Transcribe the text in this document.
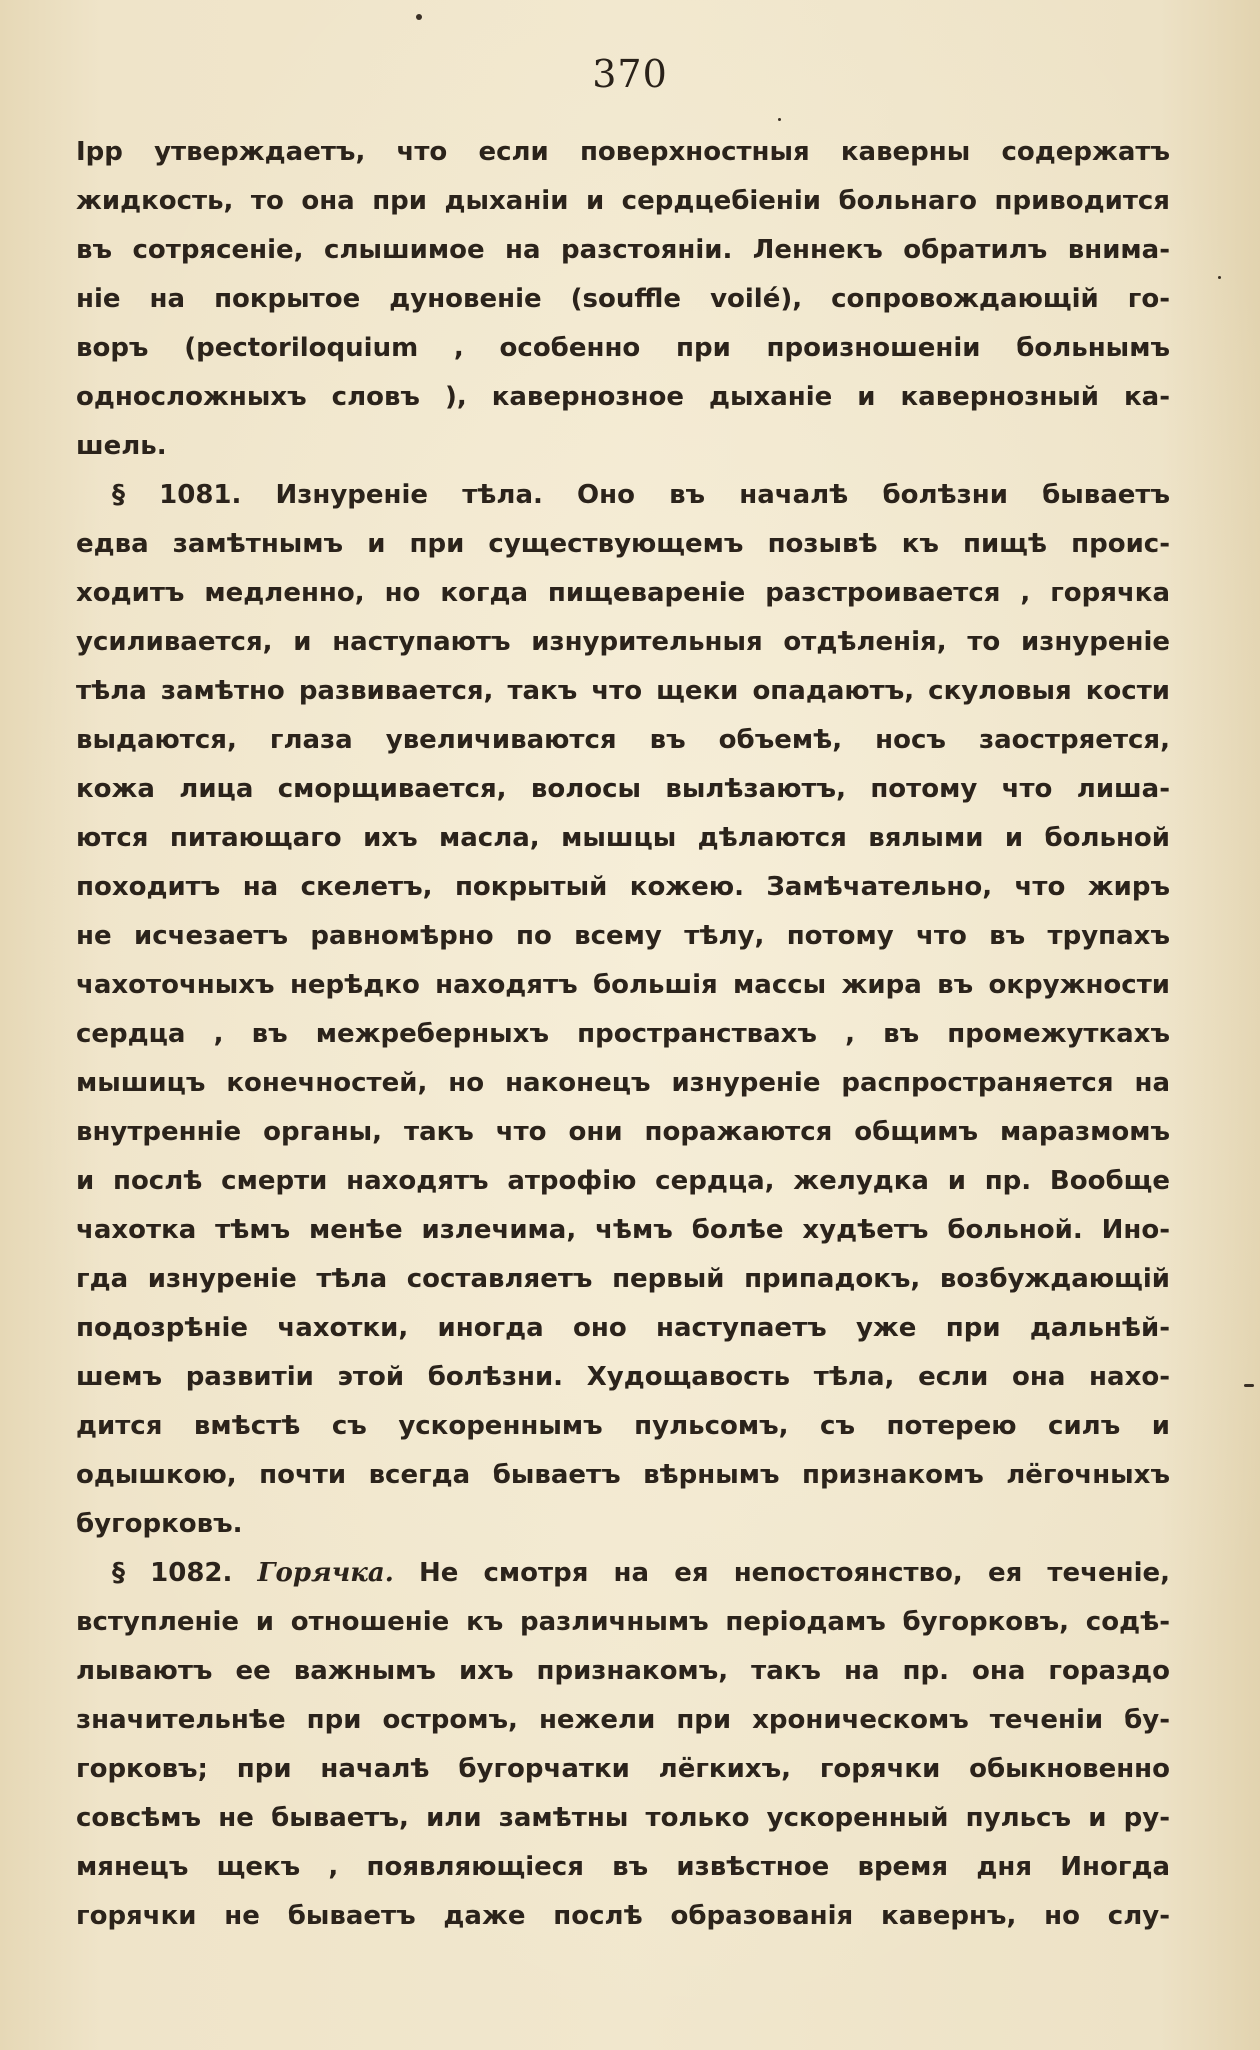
370
Ірр утверждаетъ, что если поверхностныя каверны содержатъ
жидкость, то она при дыханіи и сердцебіеніи больнаго приводится
въ сотрясеніе, слышимое на разстояніи. Леннекъ обратилъ внима-
ніе на покрытое дуновеніе (souffle voilé), сопровождающій го-
воръ (pectoriloquium , особенно при произношеніи больнымъ
односложныхъ словъ ), кавернозное дыханіе и кавернозный ка-
шель.
§ 1081. Изнуреніе тѣла. Оно въ началѣ болѣзни бываетъ
едва замѣтнымъ и при существующемъ позывѣ къ пищѣ проис-
ходитъ медленно, но когда пищевареніе разстроивается , горячка
усиливается, и наступаютъ изнурительныя отдѣленія, то изнуреніе
тѣла замѣтно развивается, такъ что щеки опадаютъ, скуловыя кости
выдаются, глаза увеличиваются въ объемѣ, носъ заостряется,
кожа лица сморщивается, волосы вылѣзаютъ, потому что лиша-
ются питающаго ихъ масла, мышцы дѣлаются вялыми и больной
походитъ на скелетъ, покрытый кожею. Замѣчательно, что жиръ
не исчезаетъ равномѣрно по всему тѣлу, потому что въ трупахъ
чахоточныхъ нерѣдко находятъ большія массы жира въ окружности
сердца , въ межреберныхъ пространствахъ , въ промежуткахъ
мышицъ конечностей, но наконецъ изнуреніе распространяется на
внутренніе органы, такъ что они поражаются общимъ маразмомъ
и послѣ смерти находятъ атрофію сердца, желудка и пр. Вообще
чахотка тѣмъ менѣе излечима, чѣмъ болѣе худѣетъ больной. Ино-
гда изнуреніе тѣла составляетъ первый припадокъ, возбуждающій
подозрѣніе чахотки, иногда оно наступаетъ уже при дальнѣй-
шемъ развитіи этой болѣзни. Худощавость тѣла, если она нахо-
дится вмѣстѣ съ ускореннымъ пульсомъ, съ потерею силъ и
одышкою, почти всегда бываетъ вѣрнымъ признакомъ лёгочныхъ
бугорковъ.
§ 1082. Горячка. Не смотря на ея непостоянство, ея теченіе,
вступленіе и отношеніе къ различнымъ періодамъ бугорковъ, содѣ-
лываютъ ее важнымъ ихъ признакомъ, такъ на пр. она гораздо
значительнѣе при остромъ, нежели при хроническомъ теченіи бу-
горковъ; при началѣ бугорчатки лёгкихъ, горячки обыкновенно
совсѣмъ не бываетъ, или замѣтны только ускоренный пульсъ и ру-
мянецъ щекъ , появляющіеся въ извѣстное время дня Иногда
горячки не бываетъ даже послѣ образованія кавернъ, но слу-
